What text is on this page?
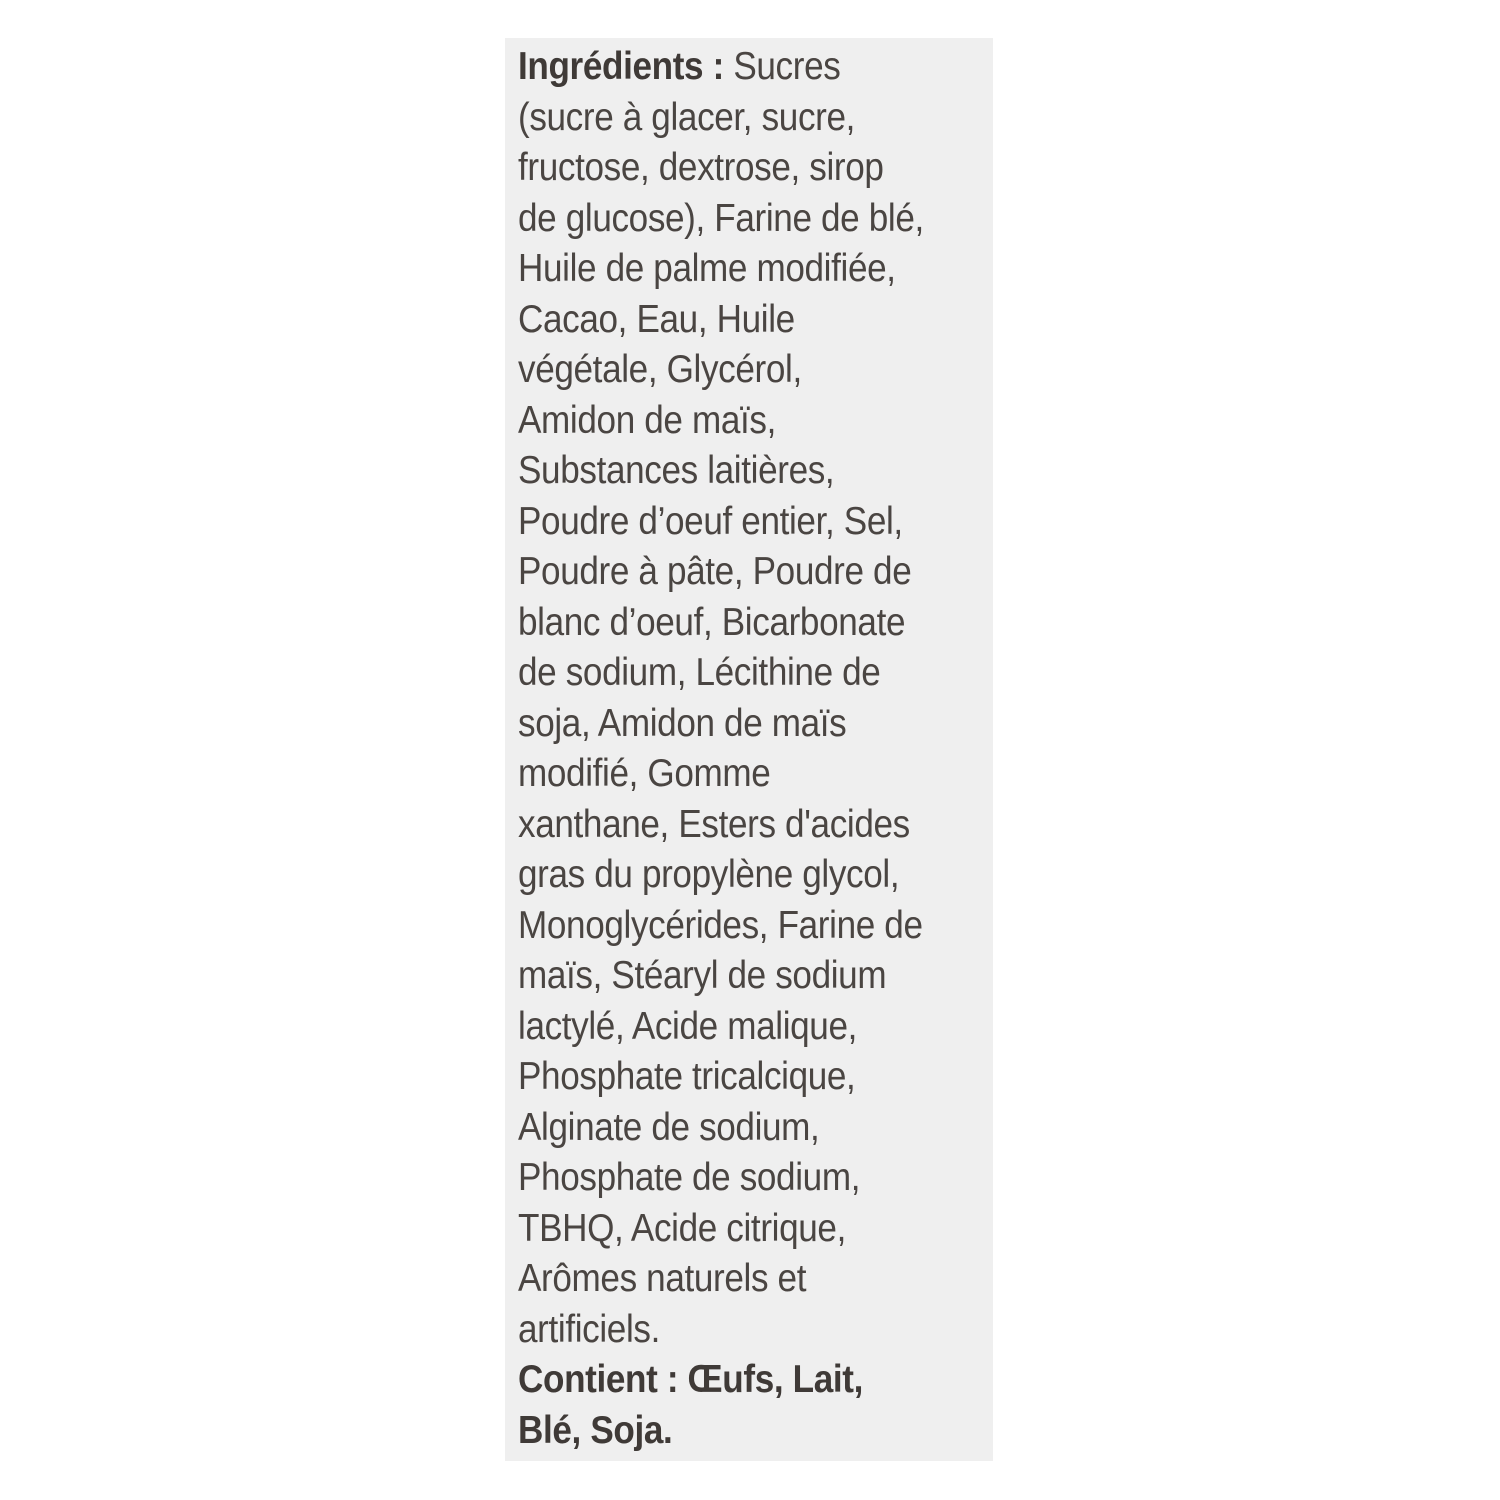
Ingrédients : Sucres
(sucre à glacer, sucre,
fructose, dextrose, sirop
de glucose), Farine de blé,
Huile de palme modifiée,
Cacao, Eau, Huile
végétale, Glycérol,
Amidon de maïs,
Substances laitières,
Poudre d’oeuf entier, Sel,
Poudre à pâte, Poudre de
blanc d’oeuf, Bicarbonate
de sodium, Lécithine de
soja, Amidon de maïs
modifié, Gomme
xanthane, Esters d'acides
gras du propylène glycol,
Monoglycérides, Farine de
maïs, Stéaryl de sodium
lactylé, Acide malique,
Phosphate tricalcique,
Alginate de sodium,
Phosphate de sodium,
TBHQ, Acide citrique,
Arômes naturels et
artificiels.
Contient : Œufs, Lait,
Blé, Soja.
